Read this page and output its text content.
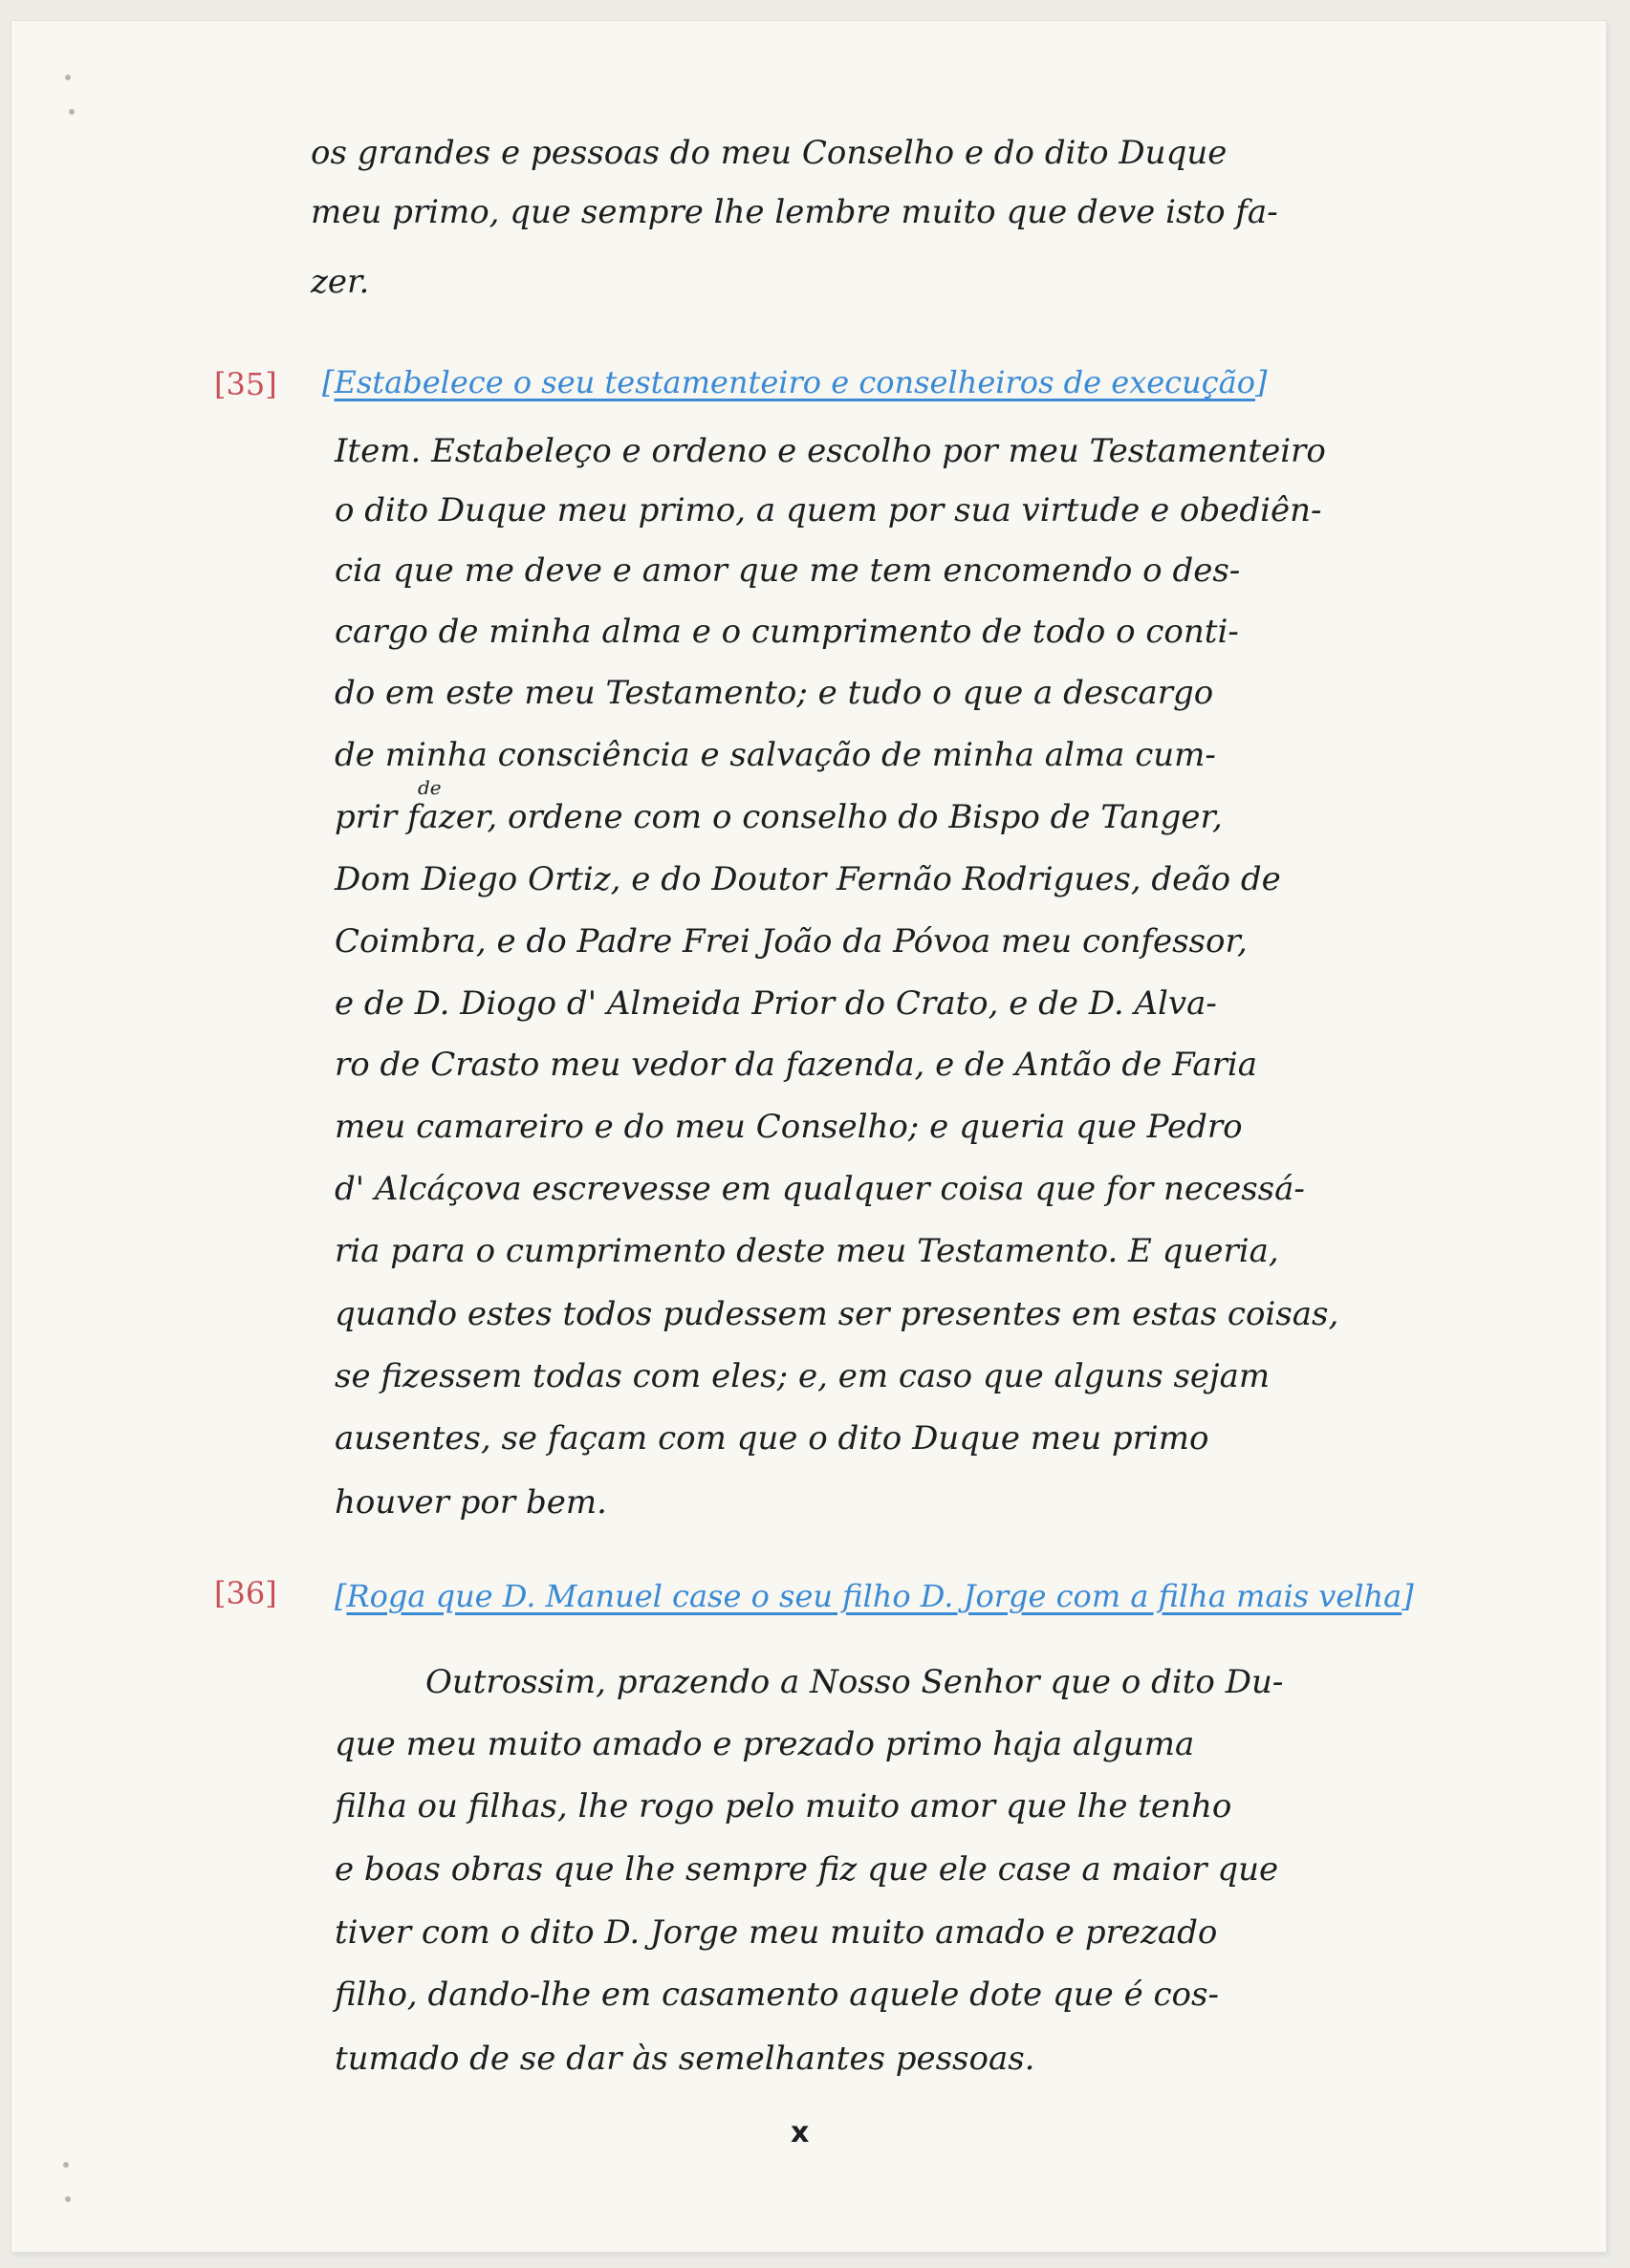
os grandes e pessoas do meu Conselho e do dito Duque
meu primo, que sempre lhe lembre muito que deve isto fa-
zer.
[35] [Estabelece o seu testamenteiro e conselheiros de execução]
Item. Estabeleço e ordeno e escolho por meu Testamenteiro
o dito Duque meu primo, a quem por sua virtude e obediên-
cia que me deve e amor que me tem encomendo o des-
cargo de minha alma e o cumprimento de todo o conti-
do em este meu Testamento; e tudo o que a descargo
de minha consciência e salvação de minha alma cum-
de
prir fazer, ordene com o conselho do Bispo de Tanger,
Dom Diego Ortiz, e do Doutor Fernão Rodrigues, deão de
Coimbra, e do Padre Frei João da Póvoa meu confessor,
e de D. Diogo d' Almeida Prior do Crato, e de D. Alva-
ro de Crasto meu vedor da fazenda, e de Antão de Faria
meu camareiro e do meu Conselho; e queria que Pedro
d' Alcáçova escrevesse em qualquer coisa que for necessá-
ria para o cumprimento deste meu Testamento. E queria,
quando estes todos pudessem ser presentes em estas coisas,
se fizessem todas com eles; e, em caso que alguns sejam
ausentes, se façam com que o dito Duque meu primo
houver por bem.
[36] [Roga que D. Manuel case o seu filho D. Jorge com a filha mais velha]
Outrossim, prazendo a Nosso Senhor que o dito Du-
que meu muito amado e prezado primo haja alguma
filha ou filhas, lhe rogo pelo muito amor que lhe tenho
e boas obras que lhe sempre fiz que ele case a maior que
tiver com o dito D. Jorge meu muito amado e prezado
filho, dando-lhe em casamento aquele dote que é cos-
tumado de se dar às semelhantes pessoas.
x
